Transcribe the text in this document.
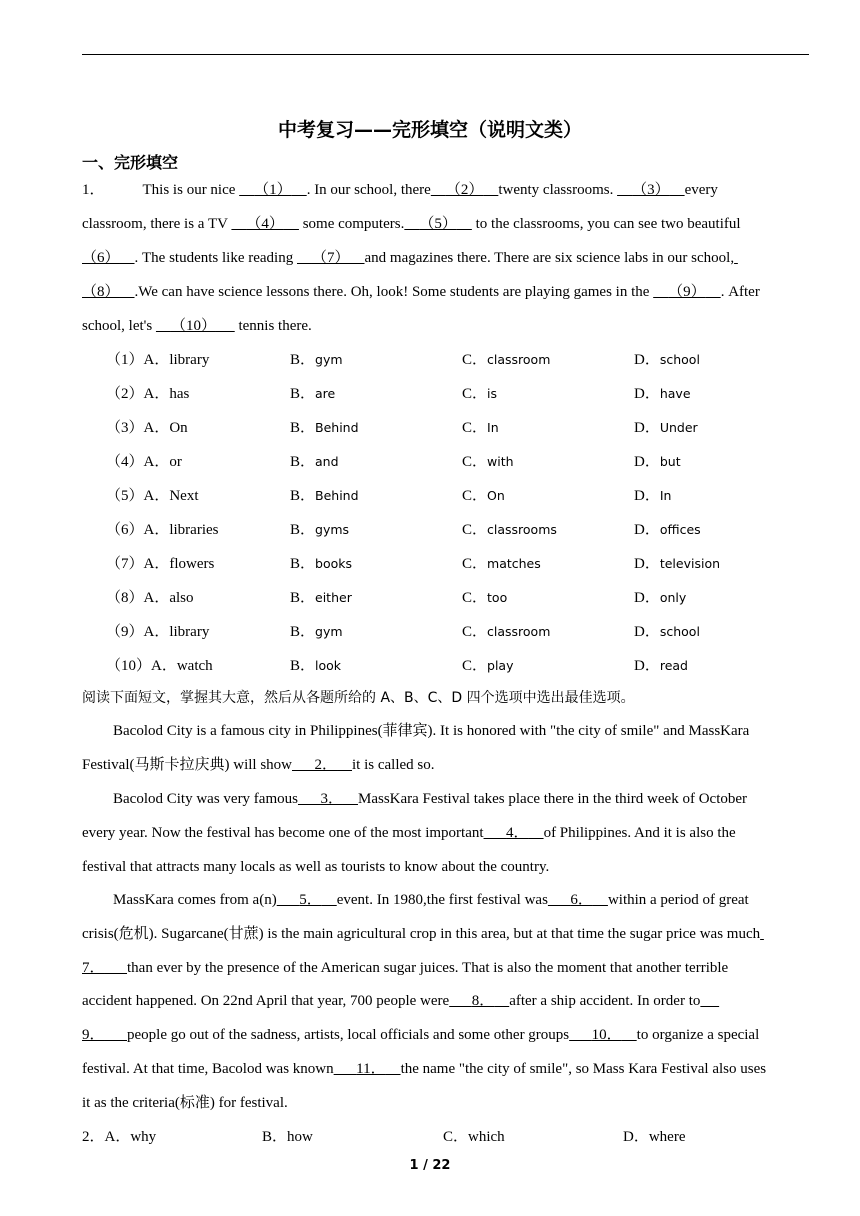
中考复习——完形填空（说明文类）
一、完形填空
1．	This is our nice     （1） . In our school, there （2） twenty classrooms.     （3） every
classroom, there is a TV     （4）     some computers. （5）     to the classrooms, you can see two beautiful
（6） . The students like reading     （7） and magazines there. There are six science labs in our school,
（8） .We can have science lessons there. Oh, look! Some students are playing games in the     （9） . After
school, let's     （10）      tennis there.
（1）A．library	B．gym	C．classroom	D．school
（2）A．has	B．are	C．is	D．have
（3）A．On	B．Behind	C．In	D．Under
（4）A．or	B．and	C．with	D．but
（5）A．Next	B．Behind	C．On	D．In
（6）A．libraries	B．gyms	C．classrooms	D．offices
（7）A．flowers	B．books	C．matches	D．television
（8）A．also	B．either	C．too	D．only
（9）A．library	B．gym	C．classroom	D．school
（10）A．watch	B．look	C．play	D．read
阅读下面短文，掌握其大意，然后从各题所给的 A、B、C、D 四个选项中选出最佳选项。
Bacolod City is a famous city in Philippines(菲律宾). It is honored with "the city of smile" and MassKara
Festival(马斯卡拉庆典) will show 2． it is called so.
Bacolod City was very famous 3． MassKara Festival takes place there in the third week of October
every year. Now the festival has become one of the most important 4． of Philippines. And it is also the
festival that attracts many locals as well as tourists to know about the country.
MassKara comes from a(n) 5． event. In 1980,the first festival was 6． within a period of great
crisis(危机). Sugarcane(甘蔗) is the main agricultural crop in this area, but at that time the sugar price was much
7． than ever by the presence of the American sugar juices. That is also the moment that another terrible
accident happened. On 22nd April that year, 700 people were 8． after a ship accident. In order to
9． people go out of the sadness, artists, local officials and some other groups 10． to organize a special
festival. At that time, Bacolod was known 11． the name "the city of smile", so Mass Kara Festival also uses
it as the criteria(标准) for festival.
2．A．why	B．how	C．which	D．where
1 / 22
